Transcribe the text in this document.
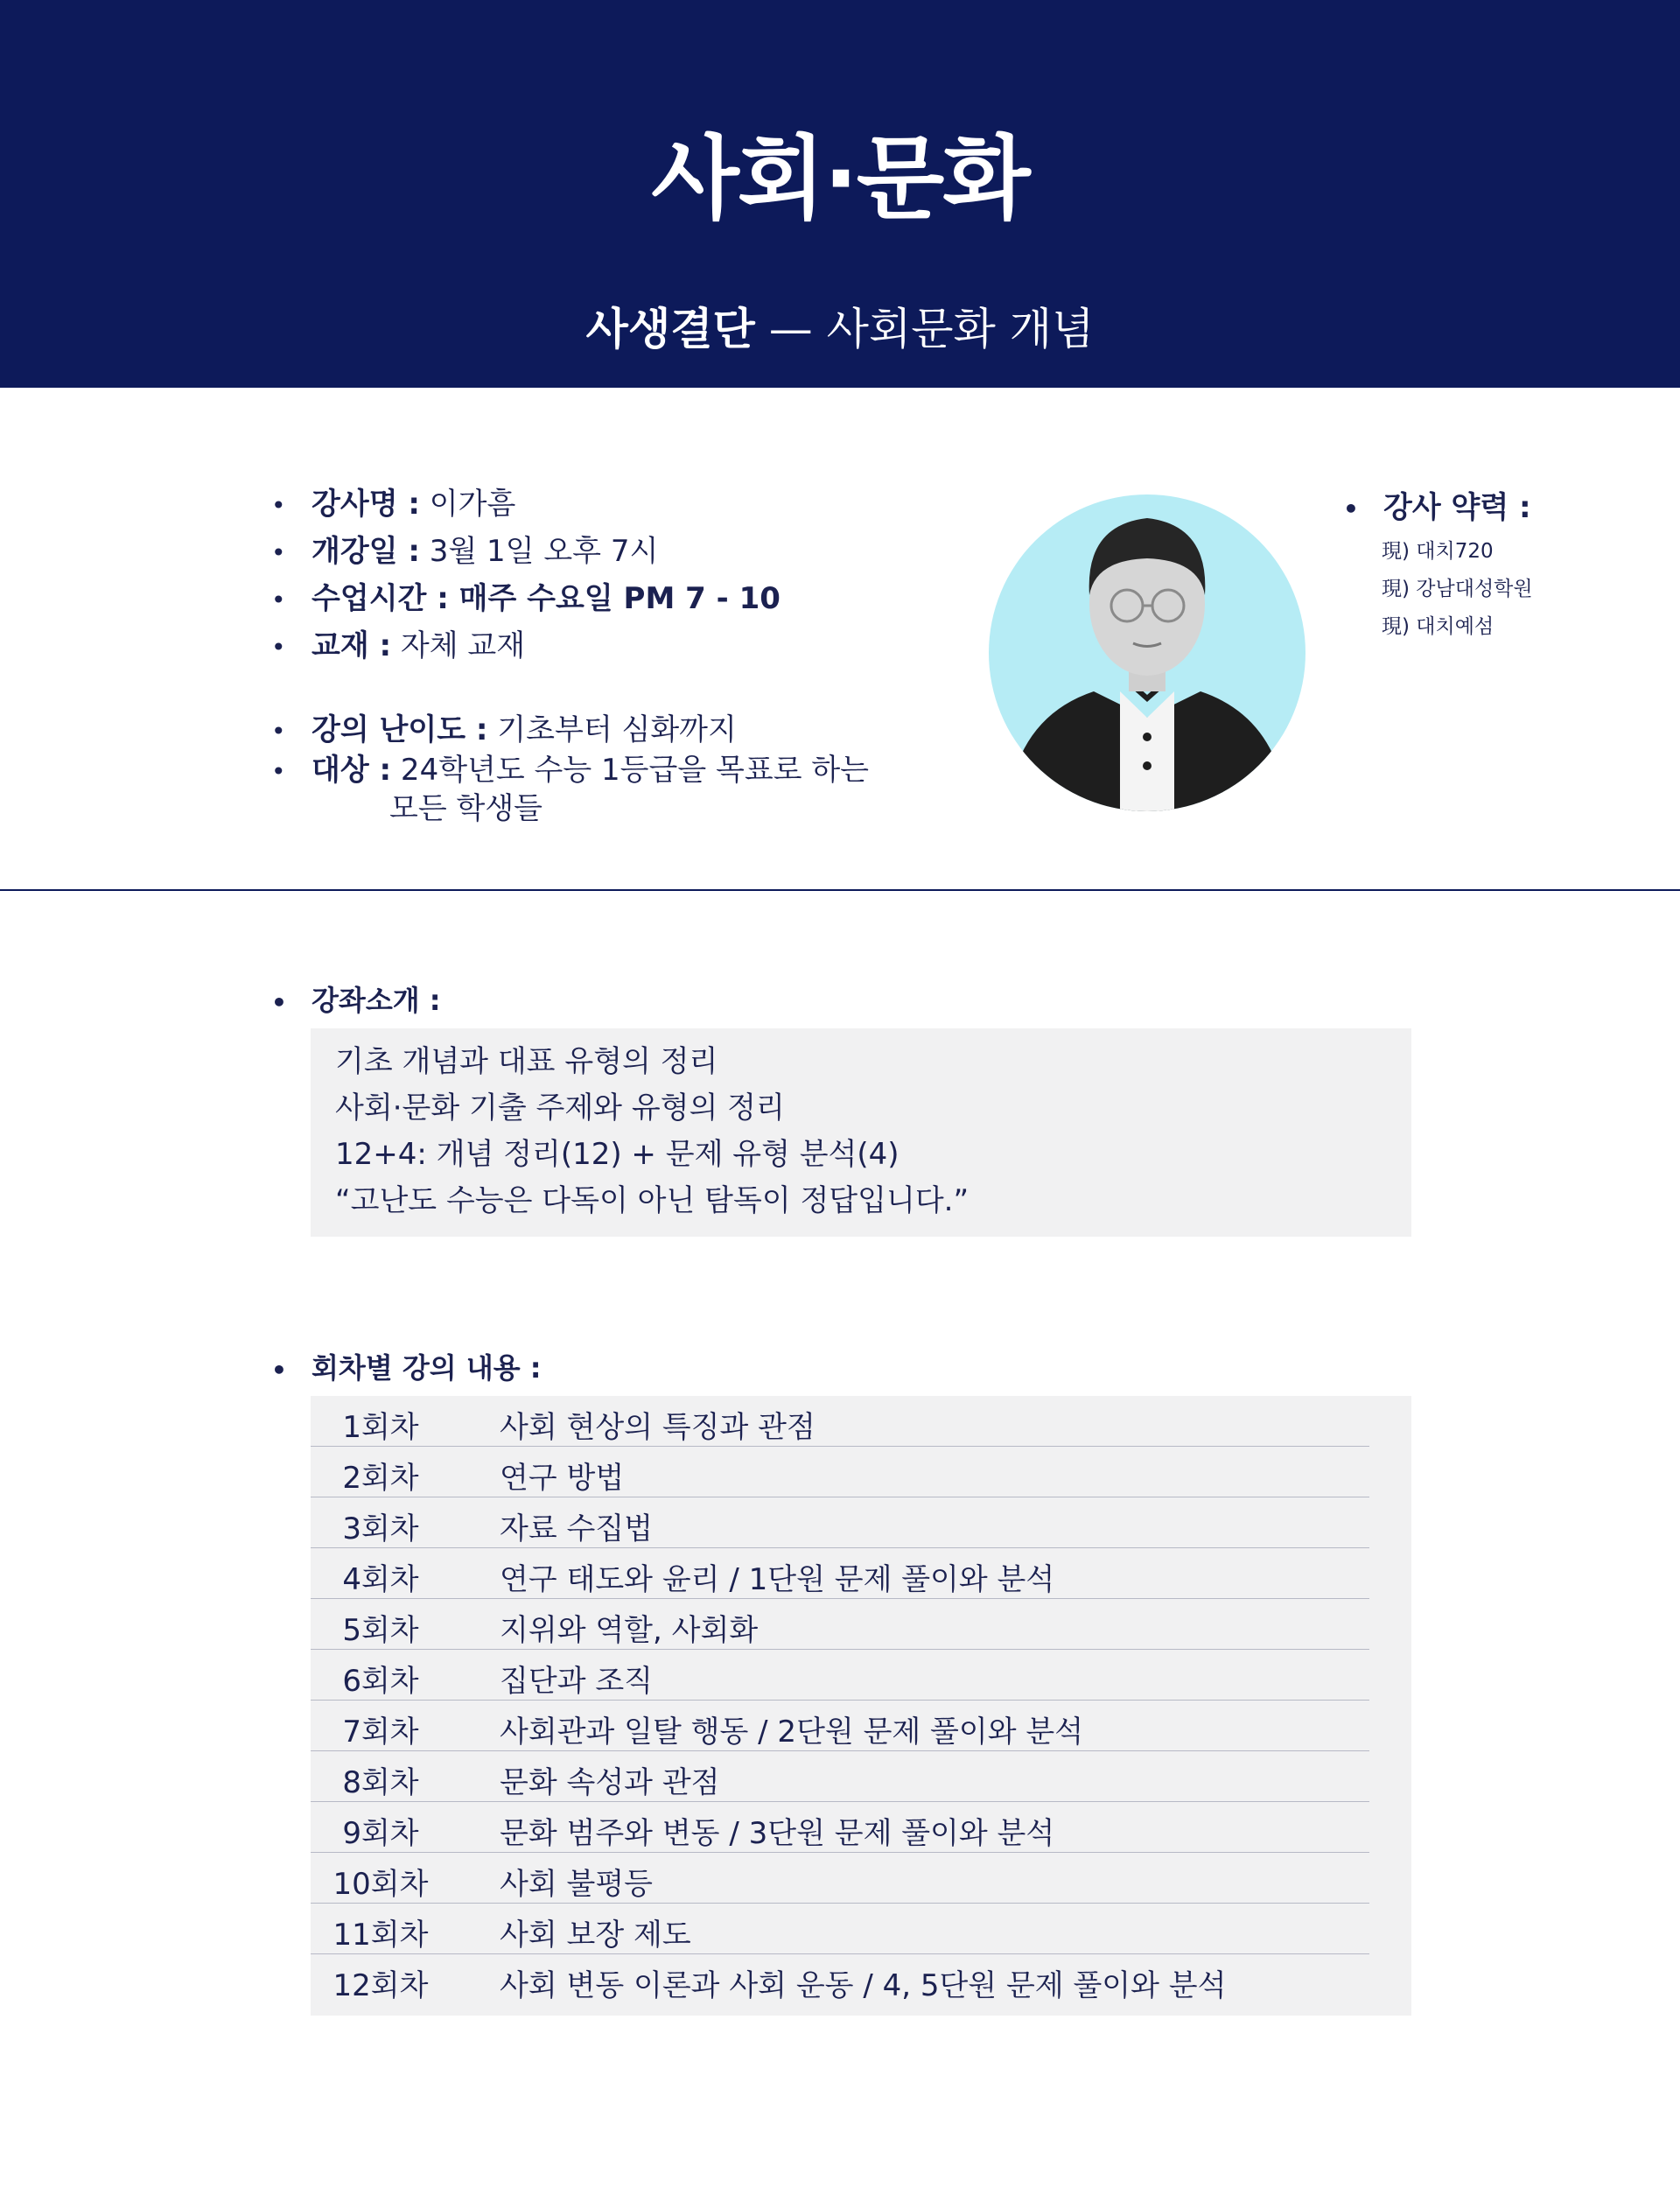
사회·문화
사생결단 — 사회문화 개념
• 강사명 : 이가흠
• 개강일 : 3월 1일 오후 7시
• 수업시간 : 매주 수요일 PM 7 - 10
• 교재 : 자체 교재
• 강의 난이도 : 기초부터 심화까지
• 대상 : 24학년도 수능 1등급을 목표로 하는
모든 학생들
• 강사 약력 :
現) 대치720
現) 강남대성학원
現) 대치예섬
• 강좌소개 :
기초 개념과 대표 유형의 정리
사회·문화 기출 주제와 유형의 정리
12+4: 개념 정리(12) + 문제 유형 분석(4)
“고난도 수능은 다독이 아닌 탐독이 정답입니다.”
• 회차별 강의 내용 :
1회차	사회 현상의 특징과 관점
2회차	연구 방법
3회차	자료 수집법
4회차	연구 태도와 윤리 / 1단원 문제 풀이와 분석
5회차	지위와 역할, 사회화
6회차	집단과 조직
7회차	사회관과 일탈 행동 / 2단원 문제 풀이와 분석
8회차	문화 속성과 관점
9회차	문화 범주와 변동 / 3단원 문제 풀이와 분석
10회차	사회 불평등
11회차	사회 보장 제도
12회차	사회 변동 이론과 사회 운동 / 4, 5단원 문제 풀이와 분석
